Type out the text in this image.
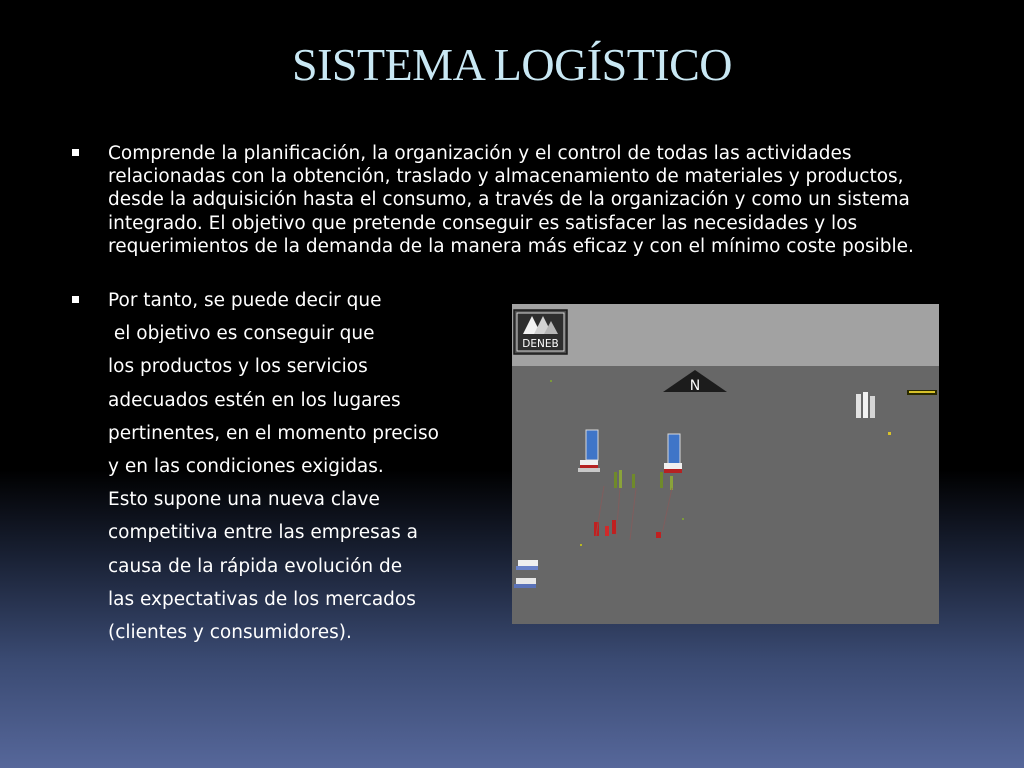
SISTEMA LOGÍSTICO
Comprende la planificación, la organización y el control de todas las actividades relacionadas con la obtención, traslado y almacenamiento de materiales y productos, desde la adquisición hasta el consumo, a través de la organización y como un sistema integrado. El objetivo que pretende conseguir es satisfacer las necesidades y los requerimientos de la demanda de la manera más eficaz y con el mínimo coste posible.
Por tanto, se puede decir que
el objetivo es conseguir que
los productos y los servicios
adecuados estén en los lugares
pertinentes, en el momento preciso
y en las condiciones exigidas.
Esto supone una nueva clave
competitiva entre las empresas a
causa de la rápida evolución de
las expectativas de los mercados
(clientes y consumidores).
DENEB
N
